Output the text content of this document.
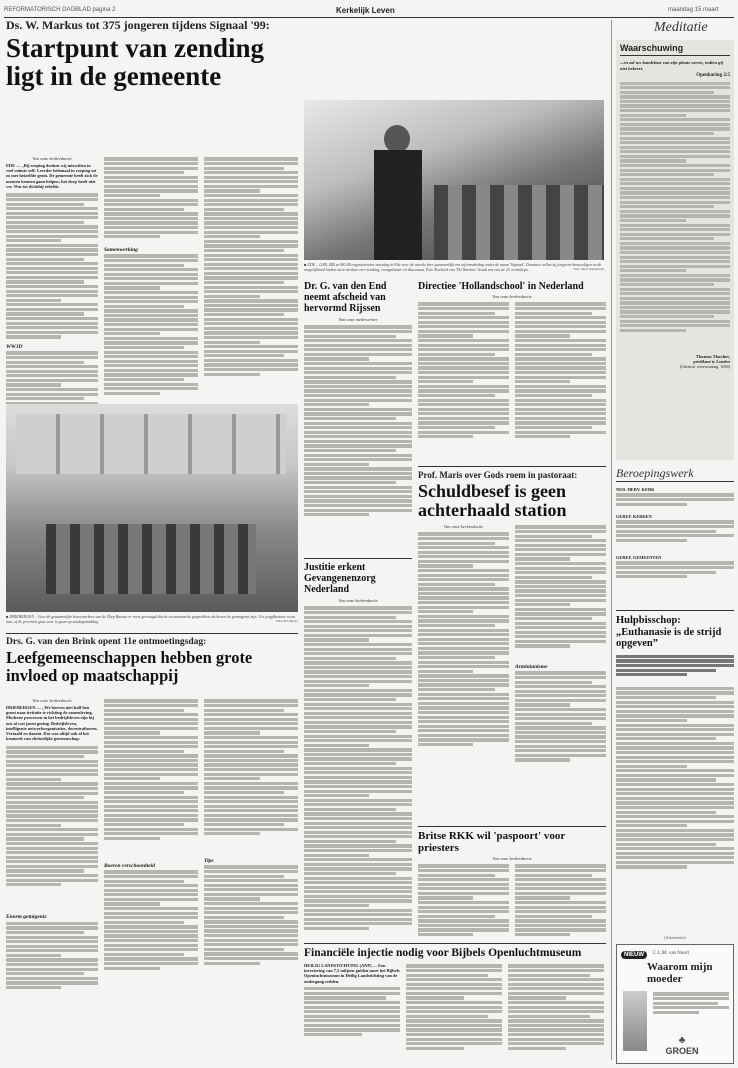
REFORMATORISCH DAGBLAD pagina 2	Kerkelijk Leven	maandag 15 maart
Ds. W. Markus tot 375 jongeren tijdens Signaal '99:
Startpunt van zending ligt in de gemeente
Van onze kerkredactie
EDE — „Bij roeping denken wij misschien in veel ruimte zelf. Leerder helemaal in roeping tot zo met hetzelfde gezin. De gemeente heeft zich de mensen kennen gaan helpen; het dorp heeft niet ver. Wat tot dichtbij rebelde.
WWJD
Samenwerking
■ EDE – GZB, IZB en HGJB organiseerden zaterdag in Ede voor de tweede keer gezamenlijk een informatiedag onder de naam 'Signaal'. Daarmee willen zij jongeren bemoedigen en de mogelijkheid bieden na te denken over zending, evangelisatie en diaconaat. Foto Koekoek van 'De Wachter' houdt een van de 23 workshops.	Foto: Anton Dommerholt
■ DRIEBERGEN – Voor de gezamenlijke bouwwerkers van de Diep Bureau er eerst gevraagd dat de oecumenische gesprekken als boven de gevangenis zijn. Uw jeugdbestuur toont aan, of de prioriteit gaat voor te gaan op zondagsmiddag.	Foto: Kirk Barnes
Drs. G. van den Brink opent 11e ontmoetingsdag:
Leefgemeenschappen hebben grote invloed op maatschappij
Van onze kerkredactie
DRIEBERGEN — „We hoeven niet half hen groot naar irritatie te richting de samenleving. Moderne processen in het bedrijfsleven zijn bij ons al wat jaren geeing. Bedrijfsleven, intelligente netwerkorganisaties, decentraliseren. Vertaald en daarin. Dat was altijd ook al het kenmerk van christelijke gemeenschap.
Enorm getuigenis
Boeren verschoonheid
Tips
Dr. G. van den End neemt afscheid van hervormd Rijssen
Van onze medewerker
Justitie erkent Gevangenenzorg Nederland
Van onze kerkredactie
Directiee 'Hollandschool' in Nederland
Van onze kerkredactie
Prof. Maris over Gods roem in pastoraat:
Schuldbesef is geen achterhaald station
Van onze kerkredactie
Arminianisme
Britse RKK wil 'paspoort' voor priesters
Van onze kerkredactie
Financiële injectie nodig voor Bijbels Openluchtmuseum
HEILIG LANDSTICHTING (ANP) — Een investering van 7,5 miljoen gulden moet het Bijbels Openluchtmuseum in Heilig Landstichting van de ondergang redden.
Meditatie
Waarschuwing
...en zal uw kandelaar van zijn plaats weren, indien gij niet bekeert.
Openbaring 2:5
Thomas Thacher,
predikant te Londen
(Christus' overwinning, 1656)
Beroepingswerk
NED. HERV. KERK
GEREF. KERKEN
GEREF. GEMEENTEN
Hulpbisschop: „Euthanasie is de strijd opgeven”
(Advertentie)
NIEUW	C.L.M. van Noort
Waarom mijn moeder
♣
GROEN
